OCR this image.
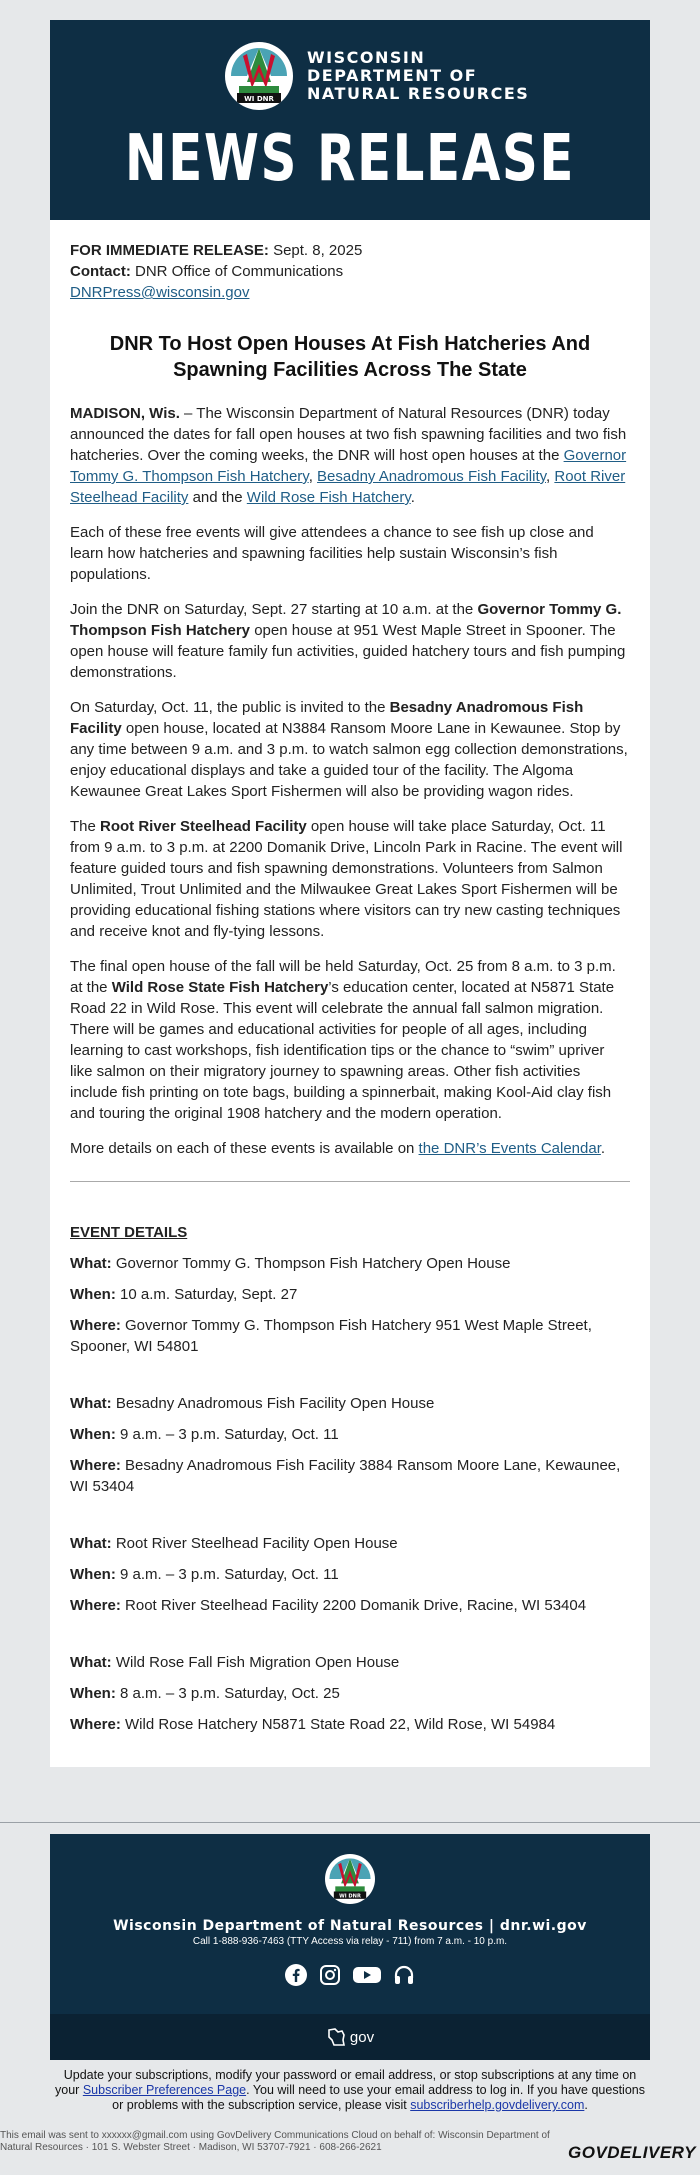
WI DNR
WISCONSIN
DEPARTMENT OF
NATURAL RESOURCES
NEWS RELEASE

FOR IMMEDIATE RELEASE: Sept. 8, 2025

Contact: DNR Office of Communications

DNRPress@wisconsin.gov

DNR To Host Open Houses At Fish Hatcheries And Spawning Facilities Across The State

MADISON, Wis. – The Wisconsin Department of Natural Resources (DNR) today announced the dates for fall open houses at two fish spawning facilities and two fish hatcheries. Over the coming weeks, the DNR will host open houses at the Governor Tommy G. Thompson Fish Hatchery, Besadny Anadromous Fish Facility, Root River Steelhead Facility and the Wild Rose Fish Hatchery.

Each of these free events will give attendees a chance to see fish up close and learn how hatcheries and spawning facilities help sustain Wisconsin’s fish populations.

Join the DNR on Saturday, Sept. 27 starting at 10 a.m. at the Governor Tommy G. Thompson Fish Hatchery open house at 951 West Maple Street in Spooner. The open house will feature family fun activities, guided hatchery tours and fish pumping demonstrations.

On Saturday, Oct. 11, the public is invited to the Besadny Anadromous Fish Facility open house, located at N3884 Ransom Moore Lane in Kewaunee. Stop by any time between 9 a.m. and 3 p.m. to watch salmon egg collection demonstrations, enjoy educational displays and take a guided tour of the facility. The Algoma Kewaunee Great Lakes Sport Fishermen will also be providing wagon rides.

The Root River Steelhead Facility open house will take place Saturday, Oct. 11 from 9 a.m. to 3 p.m. at 2200 Domanik Drive, Lincoln Park in Racine. The event will feature guided tours and fish spawning demonstrations. Volunteers from Salmon Unlimited, Trout Unlimited and the Milwaukee Great Lakes Sport Fishermen will be providing educational fishing stations where visitors can try new casting techniques and receive knot and fly-tying lessons.

The final open house of the fall will be held Saturday, Oct. 25 from 8 a.m. to 3 p.m. at the Wild Rose State Fish Hatchery’s education center, located at N5871 State Road 22 in Wild Rose. This event will celebrate the annual fall salmon migration. There will be games and educational activities for people of all ages, including learning to cast workshops, fish identification tips or the chance to “swim” upriver like salmon on their migratory journey to spawning areas. Other fish activities include fish printing on tote bags, building a spinnerbait, making Kool-Aid clay fish and touring the original 1908 hatchery and the modern operation.

More details on each of these events is available on the DNR’s Events Calendar.

EVENT DETAILS

What: Governor Tommy G. Thompson Fish Hatchery Open House

When: 10 a.m. Saturday, Sept. 27

Where: Governor Tommy G. Thompson Fish Hatchery 951 West Maple Street, Spooner, WI 54801

What: Besadny Anadromous Fish Facility Open House

When: 9 a.m. – 3 p.m. Saturday, Oct. 11

Where: Besadny Anadromous Fish Facility 3884 Ransom Moore Lane, Kewaunee, WI 53404

What: Root River Steelhead Facility Open House

When: 9 a.m. – 3 p.m. Saturday, Oct. 11

Where: Root River Steelhead Facility 2200 Domanik Drive, Racine, WI 53404

What: Wild Rose Fall Fish Migration Open House

When: 8 a.m. – 3 p.m. Saturday, Oct. 25

Where: Wild Rose Hatchery N5871 State Road 22, Wild Rose, WI 54984

WI DNR
Wisconsin Department of Natural Resources | dnr.wi.gov
Call 1-888-936-7463 (TTY Access via relay - 711) from 7 a.m. - 10 p.m.
gov
Update your subscriptions, modify your password or email address, or stop subscriptions at any time on your Subscriber Preferences Page. You will need to use your email address to log in. If you have questions or problems with the subscription service, please visit subscriberhelp.govdelivery.com.
This email was sent to xxxxxx@gmail.com using GovDelivery Communications Cloud on behalf of: Wisconsin Department of Natural Resources · 101 S. Webster Street · Madison, WI 53707-7921 · 608-266-2621	GOVDELIVERY
